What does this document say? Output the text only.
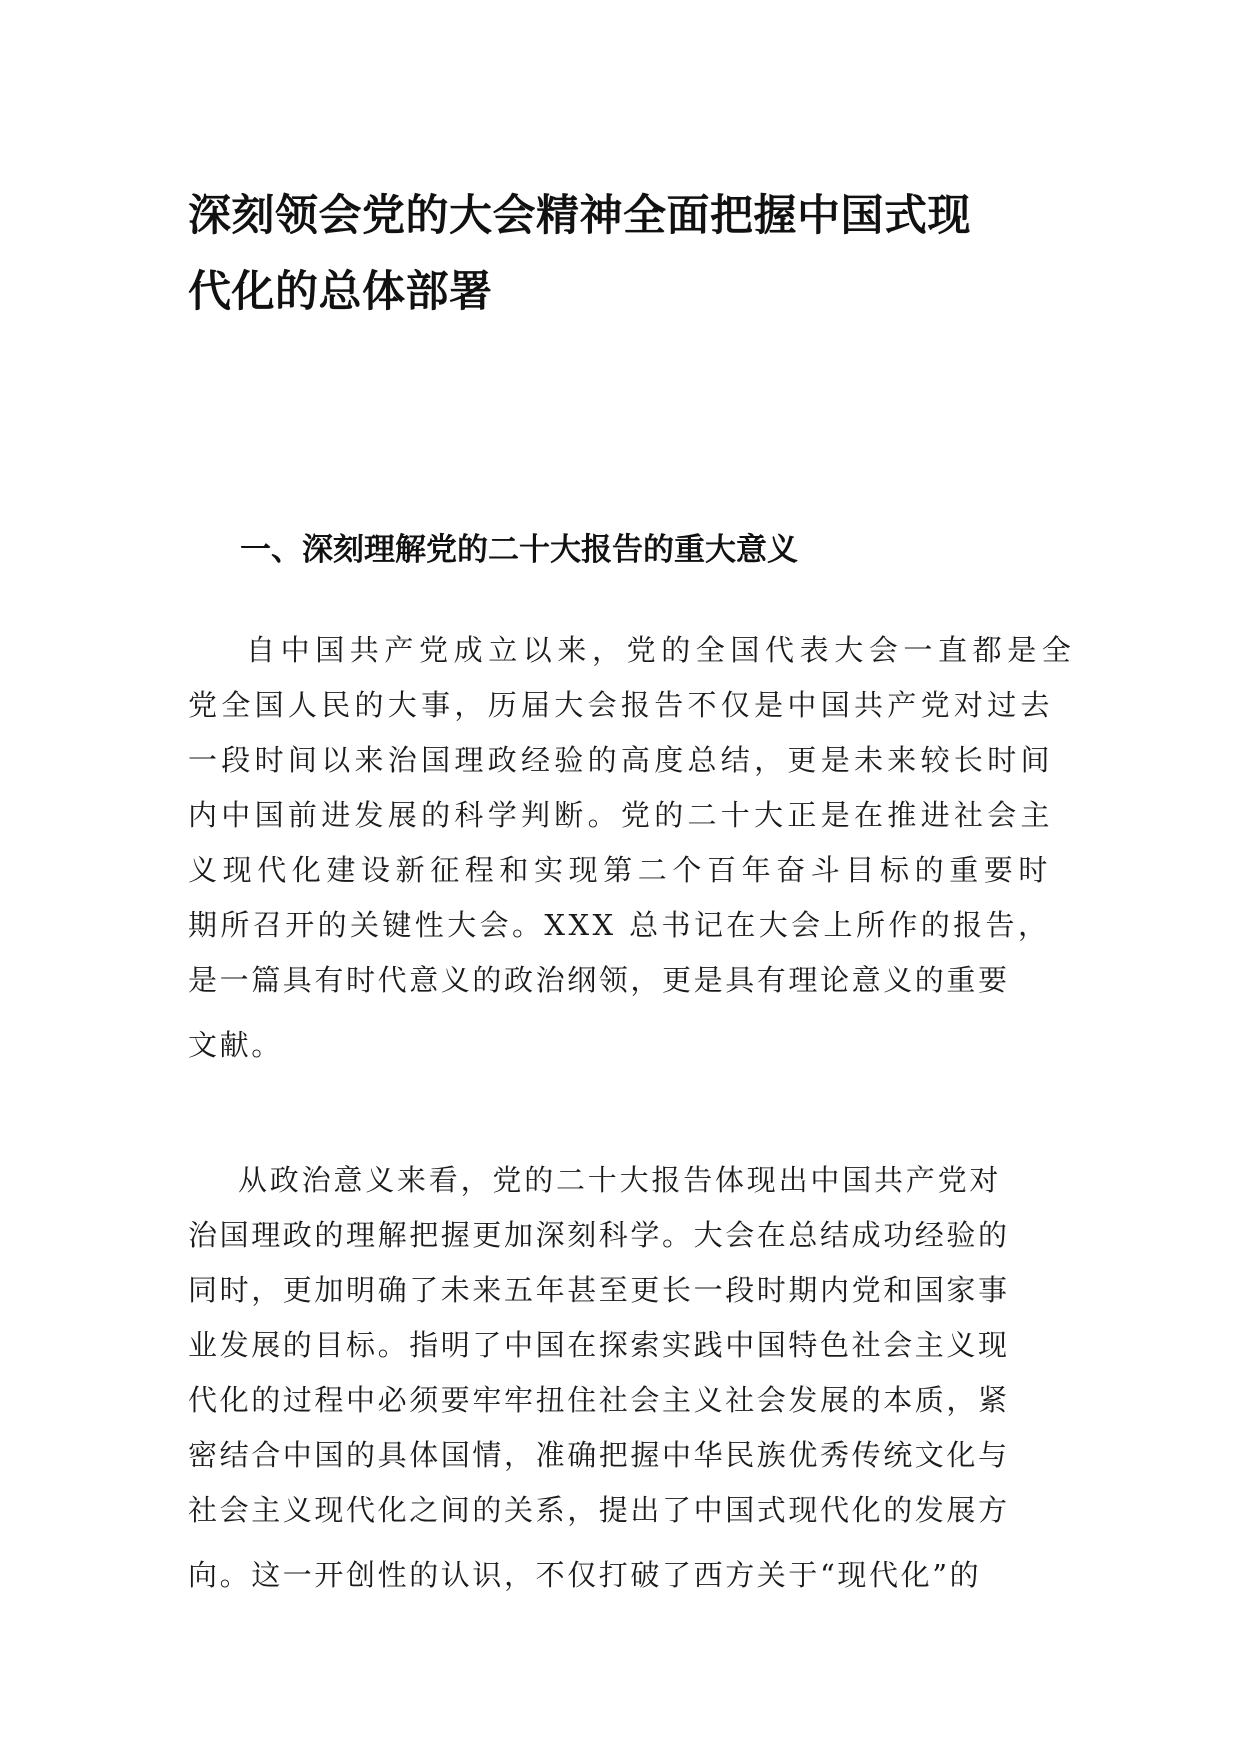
深刻领会党的大会精神全面把握中国式现
代化的总体部署
一、深刻理解党的二十大报告的重大意义
自中国共产党成立以来，党的全国代表大会一直都是全
党全国人民的大事，历届大会报告不仅是中国共产党对过去
一段时间以来治国理政经验的高度总结，更是未来较长时间
内中国前进发展的科学判断。党的二十大正是在推进社会主
义现代化建设新征程和实现第二个百年奋斗目标的重要时
期所召开的关键性大会。XXX 总书记在大会上所作的报告，
是一篇具有时代意义的政治纲领，更是具有理论意义的重要
文献。
从政治意义来看，党的二十大报告体现出中国共产党对
治国理政的理解把握更加深刻科学。大会在总结成功经验的
同时，更加明确了未来五年甚至更长一段时期内党和国家事
业发展的目标。指明了中国在探索实践中国特色社会主义现
代化的过程中必须要牢牢扭住社会主义社会发展的本质，紧
密结合中国的具体国情，准确把握中华民族优秀传统文化与
社会主义现代化之间的关系，提出了中国式现代化的发展方
向。这一开创性的认识，不仅打破了西方关于“现代化”的
